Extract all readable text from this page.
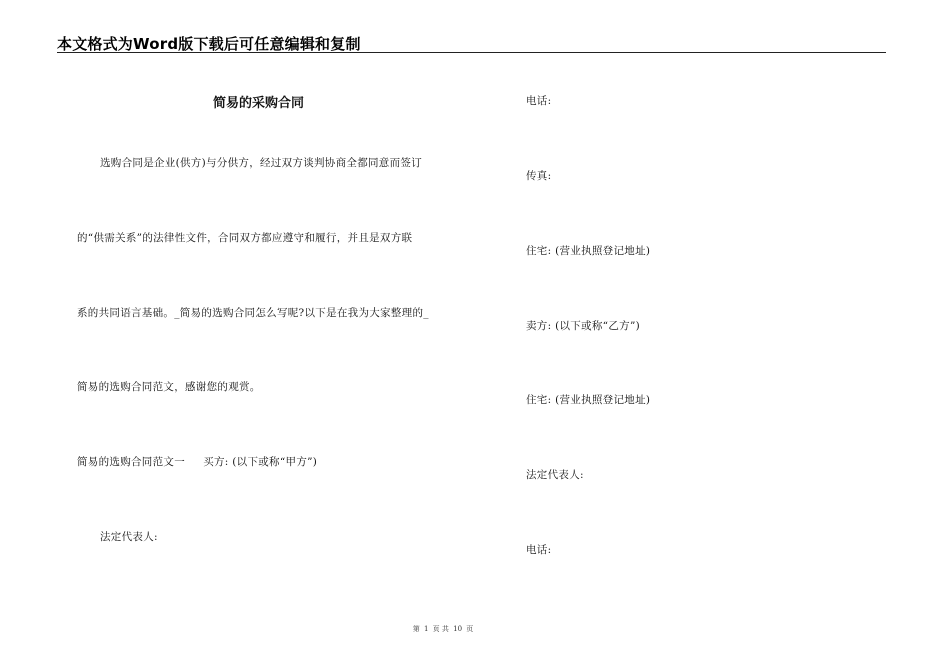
本文格式为Word版下载后可任意编辑和复制
简易的采购合同
选购合同是企业(供方)与分供方，经过双方谈判协商全都同意而签订
的“供需关系”的法律性文件，合同双方都应遵守和履行，并且是双方联
系的共同语言基础。_简易的选购合同怎么写呢?以下是在我为大家整理的_
简易的选购合同范文，感谢您的观赏。
简易的选购合同范文一     买方: (以下或称“甲方”)
法定代表人:
电话:
传真:
住宅: (营业执照登记地址)
卖方: (以下或称“乙方”)
住宅: (营业执照登记地址)
法定代表人:
电话:
第 1 页 共 10 页
